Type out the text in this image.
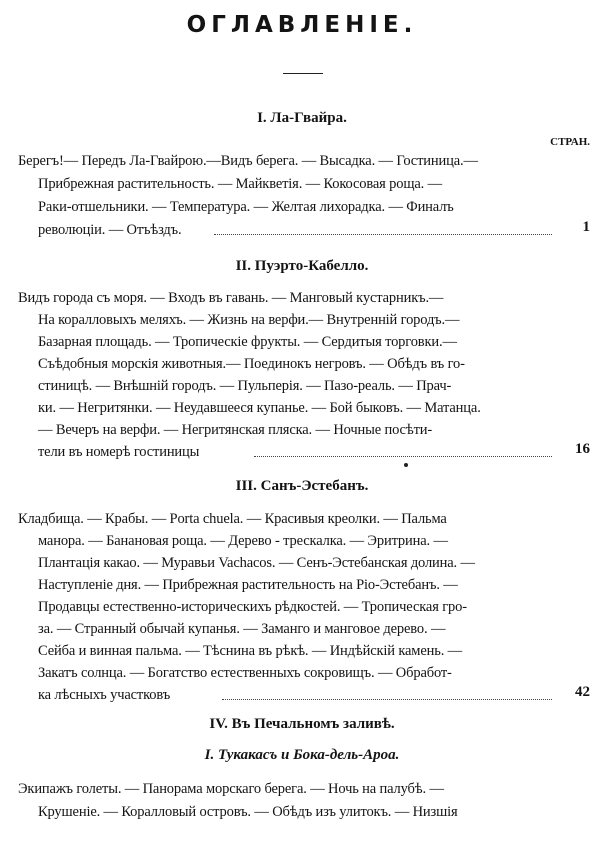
ОГЛАВЛЕНІЕ.
I. Ла-Гвайра.
СТРАН.
Берегъ!— Передъ Ла-Гвайрою.—Видъ берега. — Высадка. — Гостиница.—
Прибрежная растительность. — Майкветія. — Кокосовая роща. —
Раки-отшельники. — Температура. — Желтая лихорадка. — Финалъ
революціи. — Отъѣздъ.	1
II. Пуэрто-Кабелло.
Видъ города съ моря. — Входъ въ гавань. — Манговый кустарникъ.—
На коралловыхъ меляхъ. — Жизнь на верфи.— Внутренній городъ.—
Базарная площадь. — Тропическіе фрукты. — Сердитыя торговки.—
Съѣдобныя морскія животныя.— Поединокъ негровъ. — Обѣдъ въ го-
стиницѣ. — Внѣшній городъ. — Пульперія. — Пазо-реаль. — Прач-
ки. — Негритянки. — Неудавшееся купанье. — Бой быковъ. — Матанца.
— Вечеръ на верфи. — Негритянская пляска. — Ночные посѣти-
тели въ номерѣ гостиницы	16
III. Санъ-Эстебанъ.
Кладбища. — Крабы. — Porta chuela. — Красивыя креолки. — Пальма
манора. — Банановая роща. — Дерево - трескалка. — Эритрина. —
Плантація какао. — Муравьи Vachacos. — Сенъ-Эстебанская долина. —
Наступленіе дня. — Прибрежная растительность на Ріо-Эстебанъ. —
Продавцы естественно-историческихъ рѣдкостей. — Тропическая гро-
за. — Странный обычай купанья. — Заманго и манговое дерево. —
Сейба и винная пальма. — Тѣснина въ рѣкѣ. — Индѣйскій камень. —
Закатъ солнца. — Богатство естественныхъ сокровищъ. — Обработ-
ка лѣсныхъ участковъ	42
IV. Въ Печальномъ заливѣ.
I. Тукакасъ и Бока-дель-Ароа.
Экипажъ голеты. — Панорама морскаго берега. — Ночь на палубѣ. —
Крушеніе. — Коралловый островъ. — Обѣдъ изъ улитокъ. — Низшія
